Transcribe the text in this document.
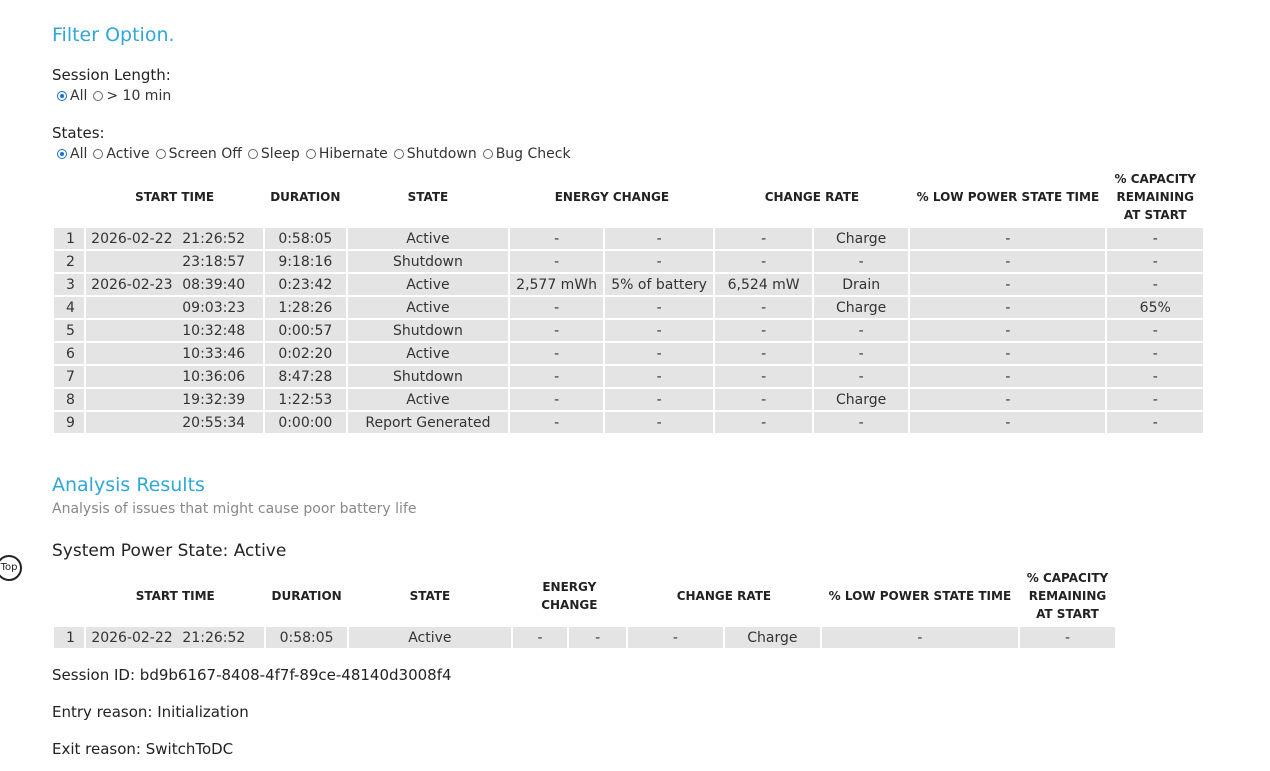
Filter Option.
Session Length:
All > 10 min
States:
All Active Screen Off Sleep Hibernate Shutdown Bug Check
	START TIME	DURATION	STATE	ENERGY CHANGE		CHANGE RATE		% LOW POWER STATE TIME	% CAPACITY REMAINING AT START
1	2026-02-22 21:26:52	0:58:05	Active	-	-	-	Charge	-	-
2	23:18:57	9:18:16	Shutdown	-	-	-	-	-	-
3	2026-02-23 08:39:40	0:23:42	Active	2,577 mWh	5% of battery	6,524 mW	Drain	-	-
4	09:03:23	1:28:26	Active	-	-	-	Charge	-	65%
5	10:32:48	0:00:57	Shutdown	-	-	-	-	-	-
6	10:33:46	0:02:20	Active	-	-	-	-	-	-
7	10:36:06	8:47:28	Shutdown	-	-	-	-	-	-
8	19:32:39	1:22:53	Active	-	-	-	Charge	-	-
9	20:55:34	0:00:00	Report Generated	-	-	-	-	-	-
Analysis Results
Analysis of issues that might cause poor battery life
System Power State: Active
	START TIME	DURATION	STATE	ENERGY CHANGE		CHANGE RATE		% LOW POWER STATE TIME	% CAPACITY REMAINING AT START
1	2026-02-22 21:26:52	0:58:05	Active	-	-	-	Charge	-	-
Session ID: bd9b6167-8408-4f7f-89ce-48140d3008f4
Entry reason: Initialization
Exit reason: SwitchToDC
Top
